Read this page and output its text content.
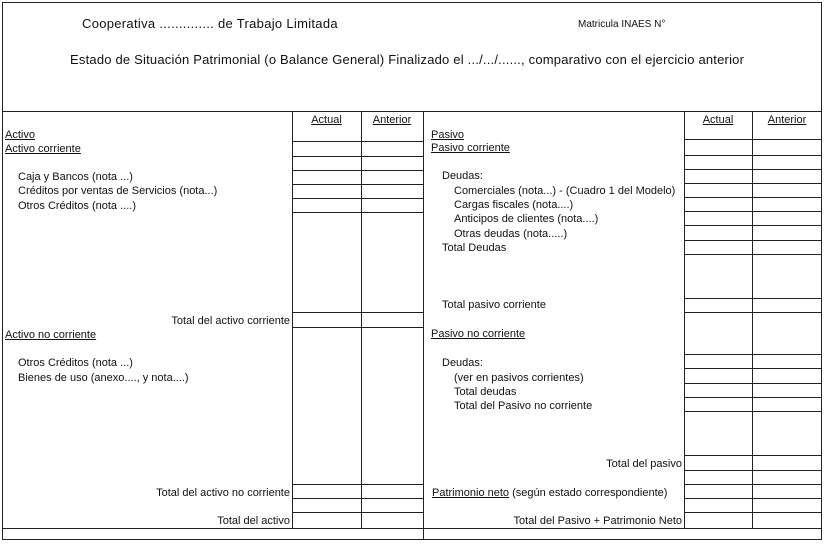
Cooperativa .............. de Trabajo Limitada	Matricula INAES N°
Estado de Situación Patrimonial (o Balance General) Finalizado el .../.../......, comparativo con el ejercicio anterior
Actual	Anterior	Actual	Anterior
Activo
Activo corriente
Caja y Bancos (nota ...)
Créditos por ventas de Servicios (nota...)
Otros Créditos (nota ....)
Total del activo corriente
Activo no corriente
Otros Créditos (nota ...)
Bienes de uso (anexo...., y nota....)
Total del activo no corriente
Total del activo
Pasivo
Pasivo corriente
Deudas:
Comerciales (nota...) - (Cuadro 1 del Modelo)
Cargas fiscales (nota....)
Anticipos de clientes (nota....)
Otras deudas (nota.....)
Total Deudas
Total pasivo corriente
Pasivo no corriente
Deudas:
(ver en pasivos corrientes)
Total deudas
Total del Pasivo no corriente
Total del pasivo
Patrimonio neto (según estado correspondiente)
Total del Pasivo + Patrimonio Neto
